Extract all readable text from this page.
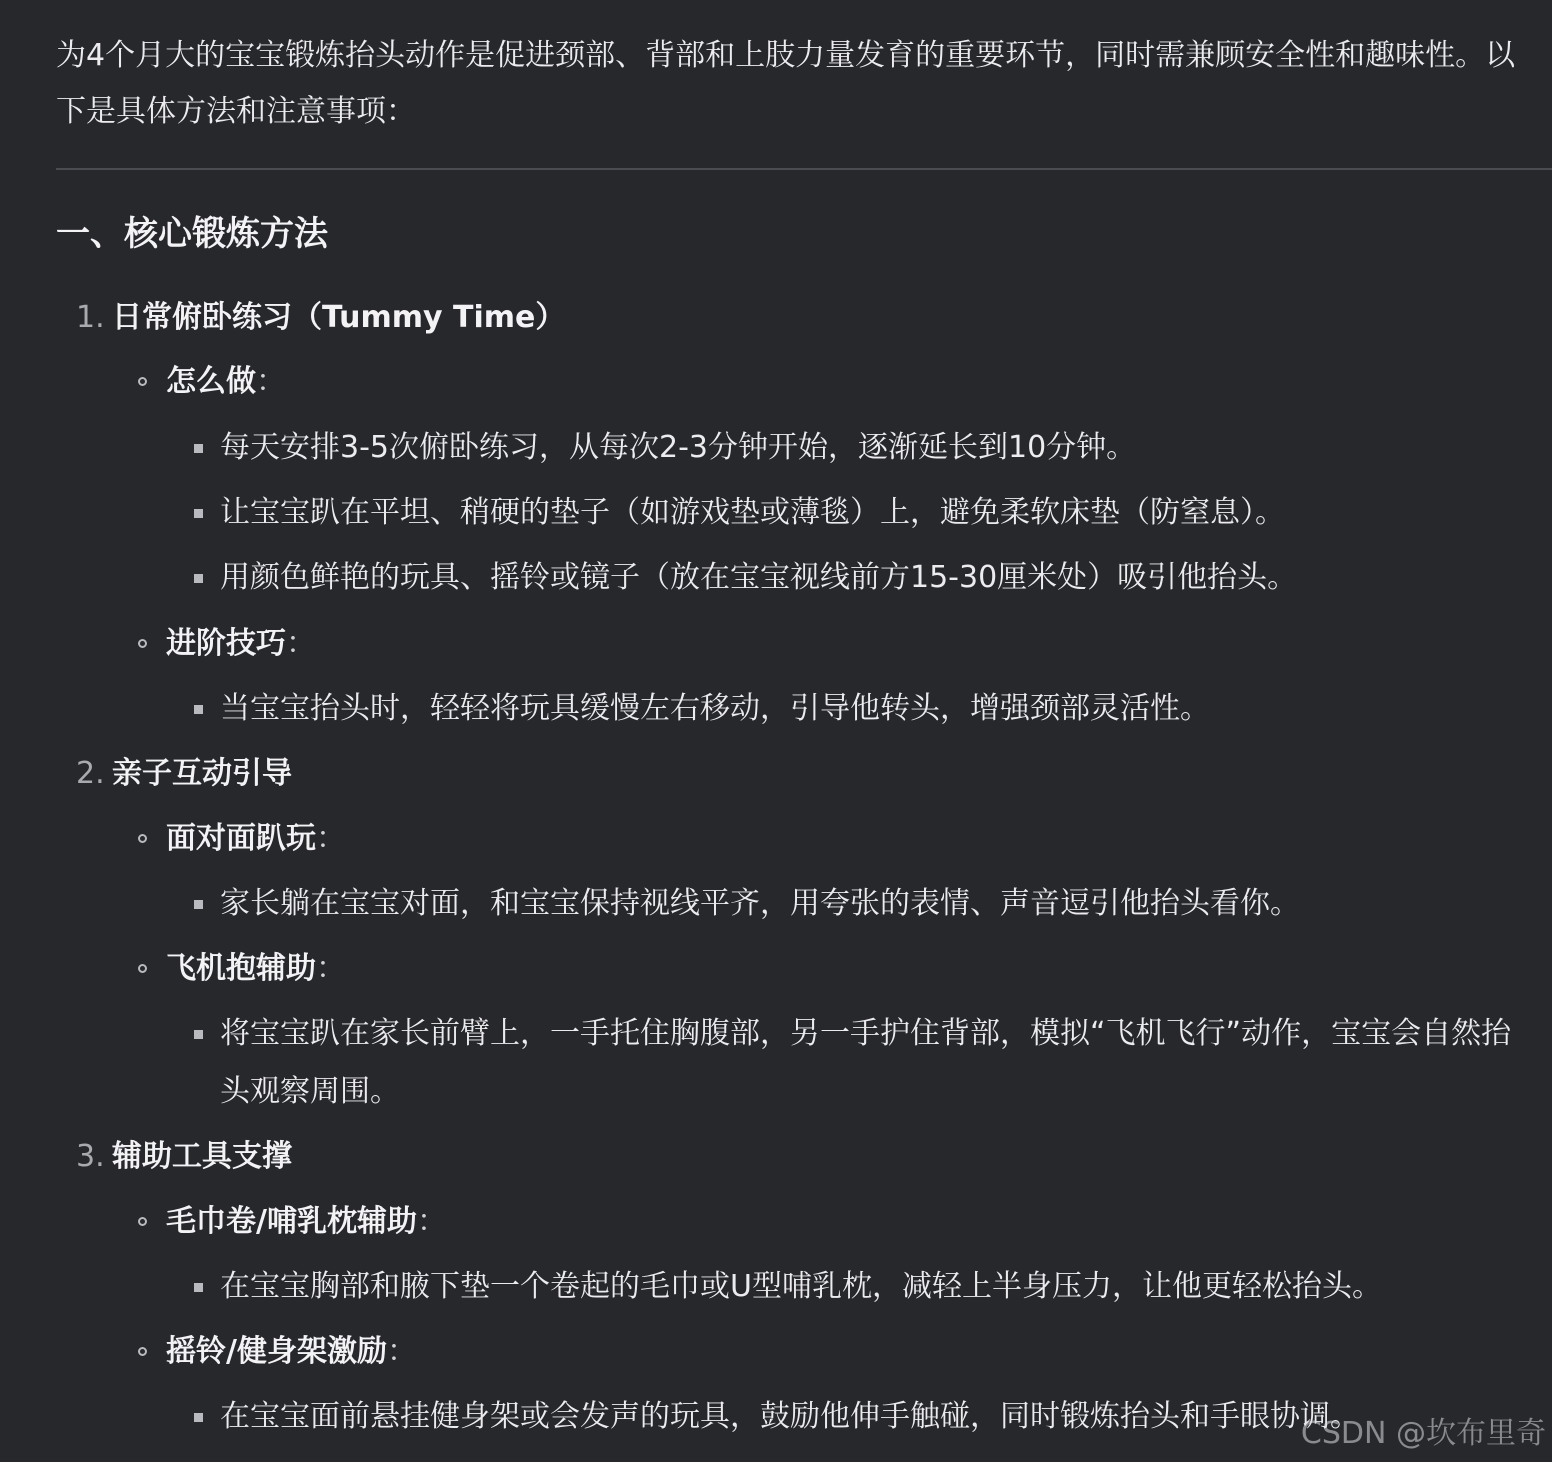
为4个月大的宝宝锻炼抬头动作是促进颈部、背部和上肢力量发育的重要环节，同时需兼顾安全性和趣味性。以下是具体方法和注意事项：
一、核心锻炼方法
1. 日常俯卧练习（Tummy Time）
怎么做：
每天安排3-5次俯卧练习，从每次2-3分钟开始，逐渐延长到10分钟。
让宝宝趴在平坦、稍硬的垫子（如游戏垫或薄毯）上，避免柔软床垫（防窒息）。
用颜色鲜艳的玩具、摇铃或镜子（放在宝宝视线前方15-30厘米处）吸引他抬头。
进阶技巧：
当宝宝抬头时，轻轻将玩具缓慢左右移动，引导他转头，增强颈部灵活性。
2. 亲子互动引导
面对面趴玩：
家长躺在宝宝对面，和宝宝保持视线平齐，用夸张的表情、声音逗引他抬头看你。
飞机抱辅助：
将宝宝趴在家长前臂上，一手托住胸腹部，另一手护住背部，模拟“飞机飞行”动作，宝宝会自然抬头观察周围。
3. 辅助工具支撑
毛巾卷/哺乳枕辅助：
在宝宝胸部和腋下垫一个卷起的毛巾或U型哺乳枕，减轻上半身压力，让他更轻松抬头。
摇铃/健身架激励：
在宝宝面前悬挂健身架或会发声的玩具，鼓励他伸手触碰，同时锻炼抬头和手眼协调。
CSDN @坎布里奇
